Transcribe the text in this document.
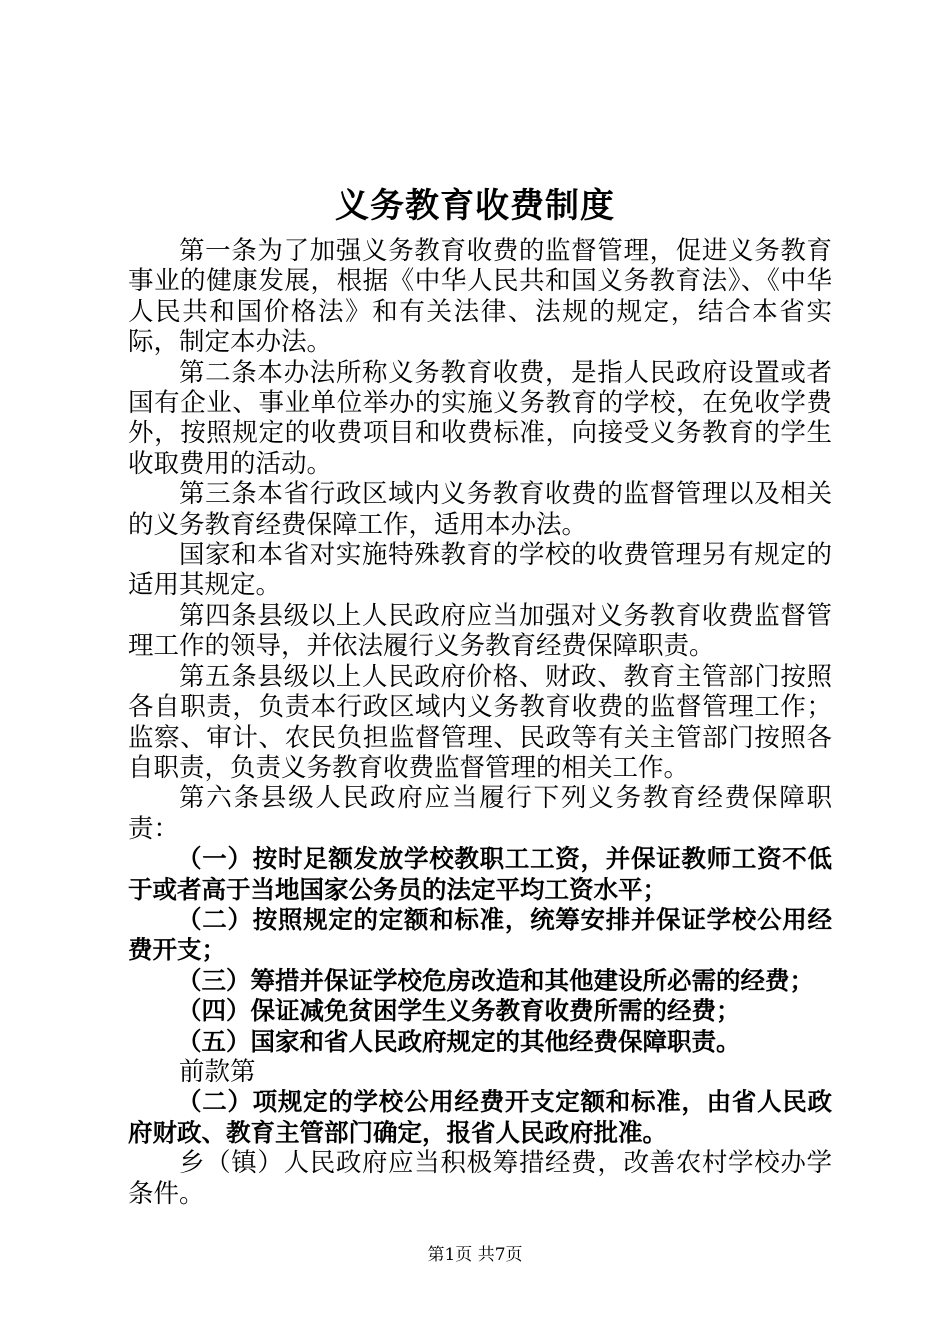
义务教育收费制度

第一条为了加强义务教育收费的监督管理，促进义务教育事业的健康发展，根据《中华人民共和国义务教育法》、《中华人民共和国价格法》和有关法律、法规的规定，结合本省实际，制定本办法。

第二条本办法所称义务教育收费，是指人民政府设置或者国有企业、事业单位举办的实施义务教育的学校，在免收学费外，按照规定的收费项目和收费标准，向接受义务教育的学生收取费用的活动。

第三条本省行政区域内义务教育收费的监督管理以及相关的义务教育经费保障工作，适用本办法。

国家和本省对实施特殊教育的学校的收费管理另有规定的适用其规定。

第四条县级以上人民政府应当加强对义务教育收费监督管理工作的领导，并依法履行义务教育经费保障职责。

第五条县级以上人民政府价格、财政、教育主管部门按照各自职责，负责本行政区域内义务教育收费的监督管理工作；监察、审计、农民负担监督管理、民政等有关主管部门按照各自职责，负责义务教育收费监督管理的相关工作。

第六条县级人民政府应当履行下列义务教育经费保障职责：

（一）按时足额发放学校教职工工资，并保证教师工资不低于或者高于当地国家公务员的法定平均工资水平；

（二）按照规定的定额和标准，统筹安排并保证学校公用经费开支；

（三）筹措并保证学校危房改造和其他建设所必需的经费；

（四）保证减免贫困学生义务教育收费所需的经费；

（五）国家和省人民政府规定的其他经费保障职责。

前款第

（二）项规定的学校公用经费开支定额和标准，由省人民政府财政、教育主管部门确定，报省人民政府批准。

乡（镇）人民政府应当积极筹措经费，改善农村学校办学条件。

第1页 共7页
